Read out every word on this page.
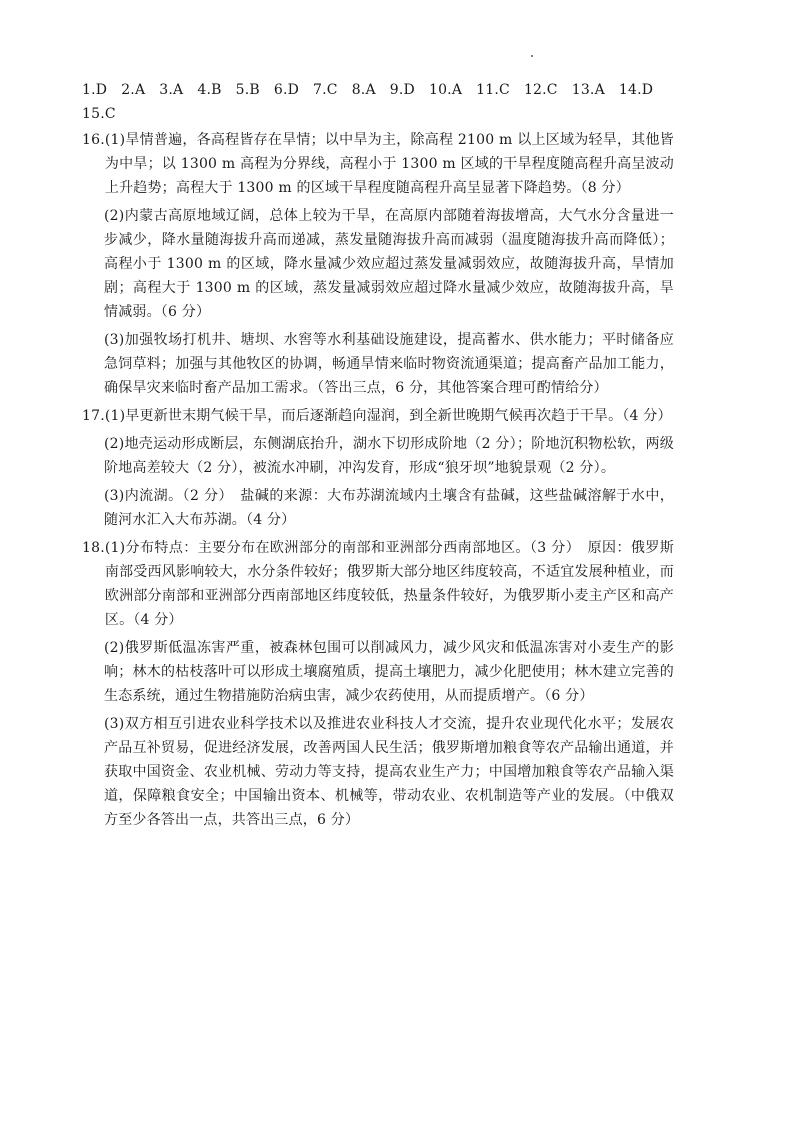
1.D 2.A 3.A 4.B 5.B 6.D 7.C 8.A 9.D 10.A 11.C 12.C 13.A 14.D
15.C
16. (1)旱情普遍，各高程皆存在旱情；以中旱为主，除高程 2100 m 以上区域为轻旱，其他皆为中旱；以 1300 m 高程为分界线，高程小于 1300 m 区域的干旱程度随高程升高呈波动上升趋势；高程大于 1300 m 的区域干旱程度随高程升高呈显著下降趋势。（8 分）

(2)内蒙古高原地域辽阔，总体上较为干旱，在高原内部随着海拔增高，大气水分含量进一步减少，降水量随海拔升高而递减，蒸发量随海拔升高而减弱（温度随海拔升高而降低）；高程小于 1300 m 的区域，降水量减少效应超过蒸发量减弱效应，故随海拔升高，旱情加剧；高程大于 1300 m 的区域，蒸发量减弱效应超过降水量减少效应，故随海拔升高，旱情减弱。（6 分）

(3)加强牧场打机井、塘坝、水窖等水利基础设施建设，提高蓄水、供水能力；平时储备应急饲草料；加强与其他牧区的协调，畅通旱情来临时物资流通渠道；提高畜产品加工能力，确保旱灾来临时畜产品加工需求。（答出三点，6 分，其他答案合理可酌情给分）

17. (1)早更新世末期气候干旱，而后逐渐趋向湿润，到全新世晚期气候再次趋于干旱。（4 分）

(2)地壳运动形成断层，东侧湖底抬升，湖水下切形成阶地（2 分）；阶地沉积物松软，两级阶地高差较大（2 分），被流水冲刷，冲沟发育，形成“狼牙坝”地貌景观（2 分）。

(3)内流湖。（2 分）　盐碱的来源：大布苏湖流域内土壤含有盐碱，这些盐碱溶解于水中，随河水汇入大布苏湖。（4 分）

18. (1)分布特点：主要分布在欧洲部分的南部和亚洲部分西南部地区。（3 分）　原因：俄罗斯南部受西风影响较大，水分条件较好；俄罗斯大部分地区纬度较高，不适宜发展种植业，而欧洲部分南部和亚洲部分西南部地区纬度较低，热量条件较好，为俄罗斯小麦主产区和高产区。（4 分）

(2)俄罗斯低温冻害严重，被森林包围可以削减风力，减少风灾和低温冻害对小麦生产的影响；林木的枯枝落叶可以形成土壤腐殖质，提高土壤肥力，减少化肥使用；林木建立完善的生态系统，通过生物措施防治病虫害，减少农药使用，从而提质增产。（6 分）

(3)双方相互引进农业科学技术以及推进农业科技人才交流，提升农业现代化水平；发展农产品互补贸易，促进经济发展，改善两国人民生活；俄罗斯增加粮食等农产品输出通道，并获取中国资金、农业机械、劳动力等支持，提高农业生产力；中国增加粮食等农产品输入渠道，保障粮食安全；中国输出资本、机械等，带动农业、农机制造等产业的发展。（中俄双方至少各答出一点，共答出三点，6 分）
